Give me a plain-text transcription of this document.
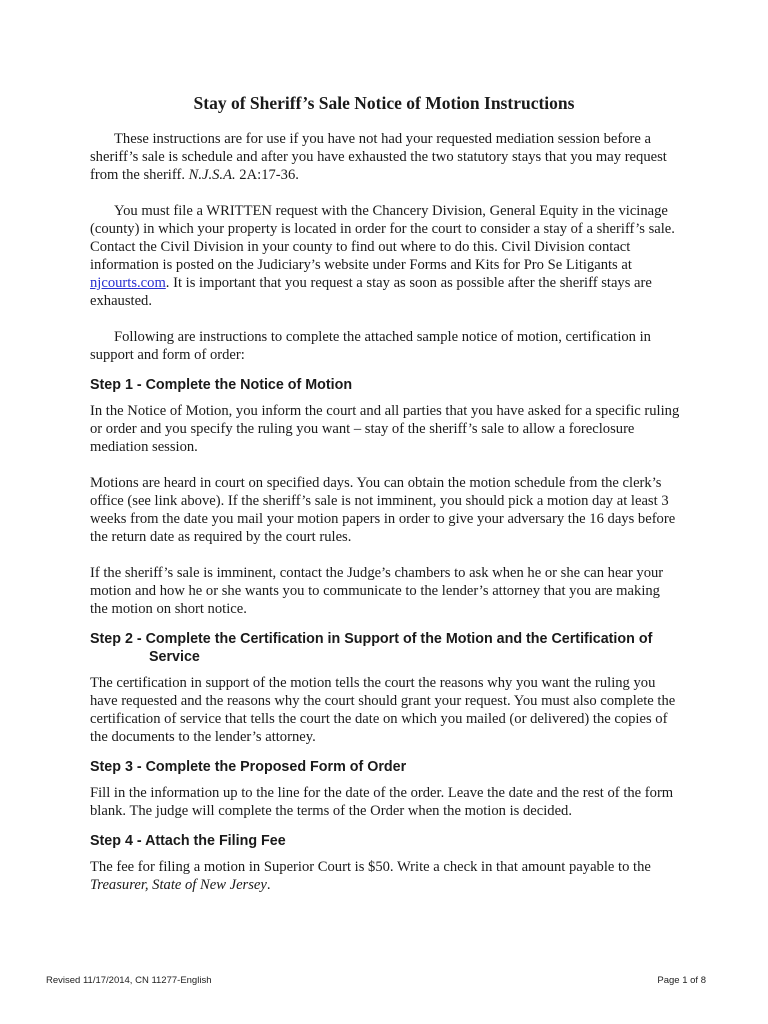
Stay of Sheriff’s Sale Notice of Motion Instructions

These instructions are for use if you have not had your requested mediation session before a sheriff’s sale is schedule and after you have exhausted the two statutory stays that you may request from the sheriff. N.J.S.A. 2A:17-36.

You must file a WRITTEN request with the Chancery Division, General Equity in the vicinage (county) in which your property is located in order for the court to consider a stay of a sheriff’s sale. Contact the Civil Division in your county to find out where to do this. Civil Division contact information is posted on the Judiciary’s website under Forms and Kits for Pro Se Litigants at njcourts.com. It is important that you request a stay as soon as possible after the sheriff stays are exhausted.

Following are instructions to complete the attached sample notice of motion, certification in support and form of order:

Step 1 - Complete the Notice of Motion

In the Notice of Motion, you inform the court and all parties that you have asked for a specific ruling or order and you specify the ruling you want – stay of the sheriff’s sale to allow a foreclosure mediation session.

Motions are heard in court on specified days. You can obtain the motion schedule from the clerk’s office (see link above). If the sheriff’s sale is not imminent, you should pick a motion day at least 3 weeks from the date you mail your motion papers in order to give your adversary the 16 days before the return date as required by the court rules.

If the sheriff’s sale is imminent, contact the Judge’s chambers to ask when he or she can hear your motion and how he or she wants you to communicate to the lender’s attorney that you are making the motion on short notice.

Step 2 - Complete the Certification in Support of the Motion and the Certification of Service

The certification in support of the motion tells the court the reasons why you want the ruling you have requested and the reasons why the court should grant your request. You must also complete the certification of service that tells the court the date on which you mailed (or delivered) the copies of the documents to the lender’s attorney.

Step 3 - Complete the Proposed Form of Order

Fill in the information up to the line for the date of the order. Leave the date and the rest of the form blank. The judge will complete the terms of the Order when the motion is decided.

Step 4 - Attach the Filing Fee

The fee for filing a motion in Superior Court is $50. Write a check in that amount payable to the Treasurer, State of New Jersey.

Revised 11/17/2014, CN 11277-English	Page 1 of 8
